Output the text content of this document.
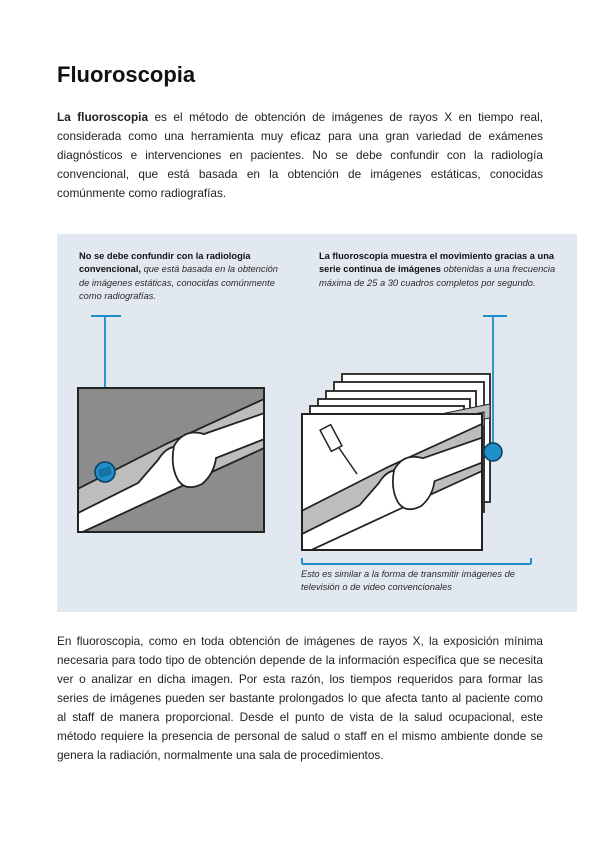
Fluoroscopia

La fluoroscopia es el método de obtención de imágenes de rayos X en tiempo real, considerada como una herramienta muy eficaz para una gran variedad de exámenes diagnósticos e intervenciones en pacientes. No se debe confundir con la radiología convencional, que está basada en la obtención de imágenes estáticas, conocidas comúnmente como radiografías.

No se debe confundir con la radiología convencional, que está basada en la obtención de imágenes estáticas, conocidas comúnmente como radiografías.
La fluoroscopia muestra el movimiento gracias a una serie continua de imágenes obtenidas a una frecuencia máxima de 25 a 30 cuadros completos por segundo.
Esto es similar a la forma de transmitir imágenes de televisión o de video convencionales

En fluoroscopia, como en toda obtención de imágenes de rayos X, la exposición mínima necesaria para todo tipo de obtención depende de la información específica que se necesita ver o analizar en dicha imagen. Por esta razón, los tiempos requeridos para formar las series de imágenes pueden ser bastante prolongados lo que afecta tanto al paciente como al staff de manera proporcional. Desde el punto de vista de la salud ocupacional, este método requiere la presencia de personal de salud o staff en el mismo ambiente donde se genera la radiación, normalmente una sala de procedimientos.
